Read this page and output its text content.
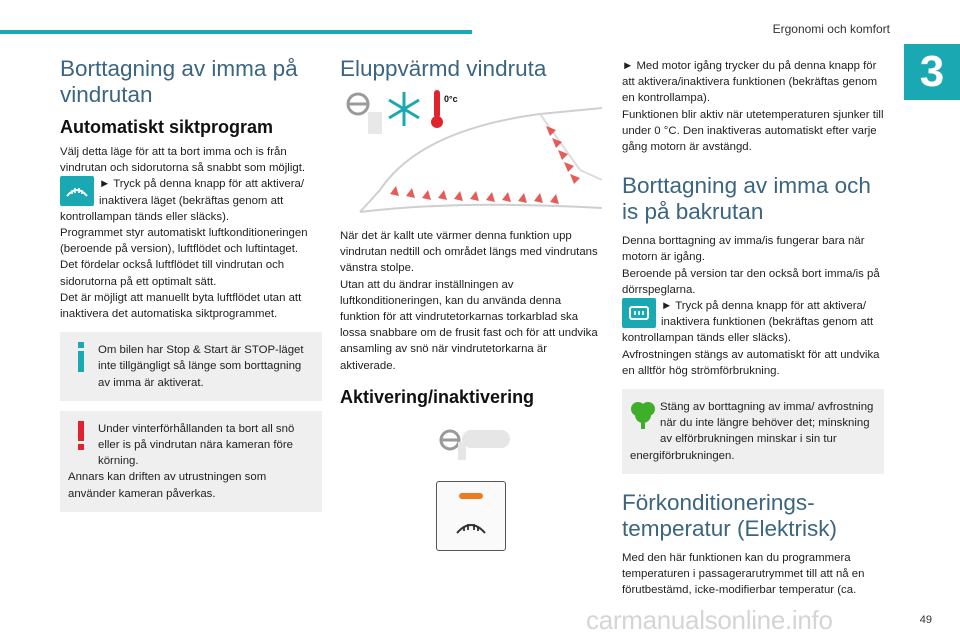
Ergonomi och komfort
3
Borttagning av imma på vindrutan
Automatiskt siktprogram

Välj detta läge för att ta bort imma och is från vindrutan och sidorutorna så snabbt som möjligt.

► Tryck på denna knapp för att aktivera/ inaktivera läget (bekräftas genom att kontrollampan tänds eller släcks).

Programmet styr automatiskt luftkonditioneringen (beroende på version), luftflödet och luftintaget.

Det fördelar också luftflödet till vindrutan och sidorutorna på ett optimalt sätt.

Det är möjligt att manuellt byta luftflödet utan att inaktivera det automatiska siktprogrammet.

Om bilen har Stop & Start är STOP-läget inte tillgängligt så länge som borttagning av imma är aktiverat.

Under vinterförhållanden ta bort all snö eller is på vindrutan nära kameran före körning.

Annars kan driften av utrustningen som använder kameran påverkas.

Eluppvärmd vindruta
0°c

När det är kallt ute värmer denna funktion upp vindrutan nedtill och området längs med vindrutans vänstra stolpe.

Utan att du ändrar inställningen av luftkonditioneringen, kan du använda denna funktion för att vindrutetorkarnas torkarblad ska lossa snabbare om de frusit fast och för att undvika ansamling av snö när vindrutetorkarna är aktiverade.

Aktivering/inaktivering

► Med motor igång trycker du på denna knapp för att aktivera/inaktivera funktionen (bekräftas genom en kontrollampa).

Funktionen blir aktiv när utetemperaturen sjunker till under 0 °C. Den inaktiveras automatiskt efter varje gång motorn är avstängd.

Borttagning av imma och is på bakrutan

Denna borttagning av imma/is fungerar bara när motorn är igång.

Beroende på version tar den också bort imma/is på dörrspeglarna.

► Tryck på denna knapp för att aktivera/ inaktivera funktionen (bekräftas genom att kontrollampan tänds eller släcks).

Avfrostningen stängs av automatiskt för att undvika en alltför hög strömförbrukning.

Stäng av borttagning av imma/ avfrostning när du inte längre behöver det; minskning av elförbrukningen minskar i sin tur energiförbrukningen.

Förkonditionerings-temperatur (Elektrisk)

Med den här funktionen kan du programmera temperaturen i passagerarutrymmet till att nå en förutbestämd, icke-modifierbar temperatur (ca.

carmanualsonline.info	49
